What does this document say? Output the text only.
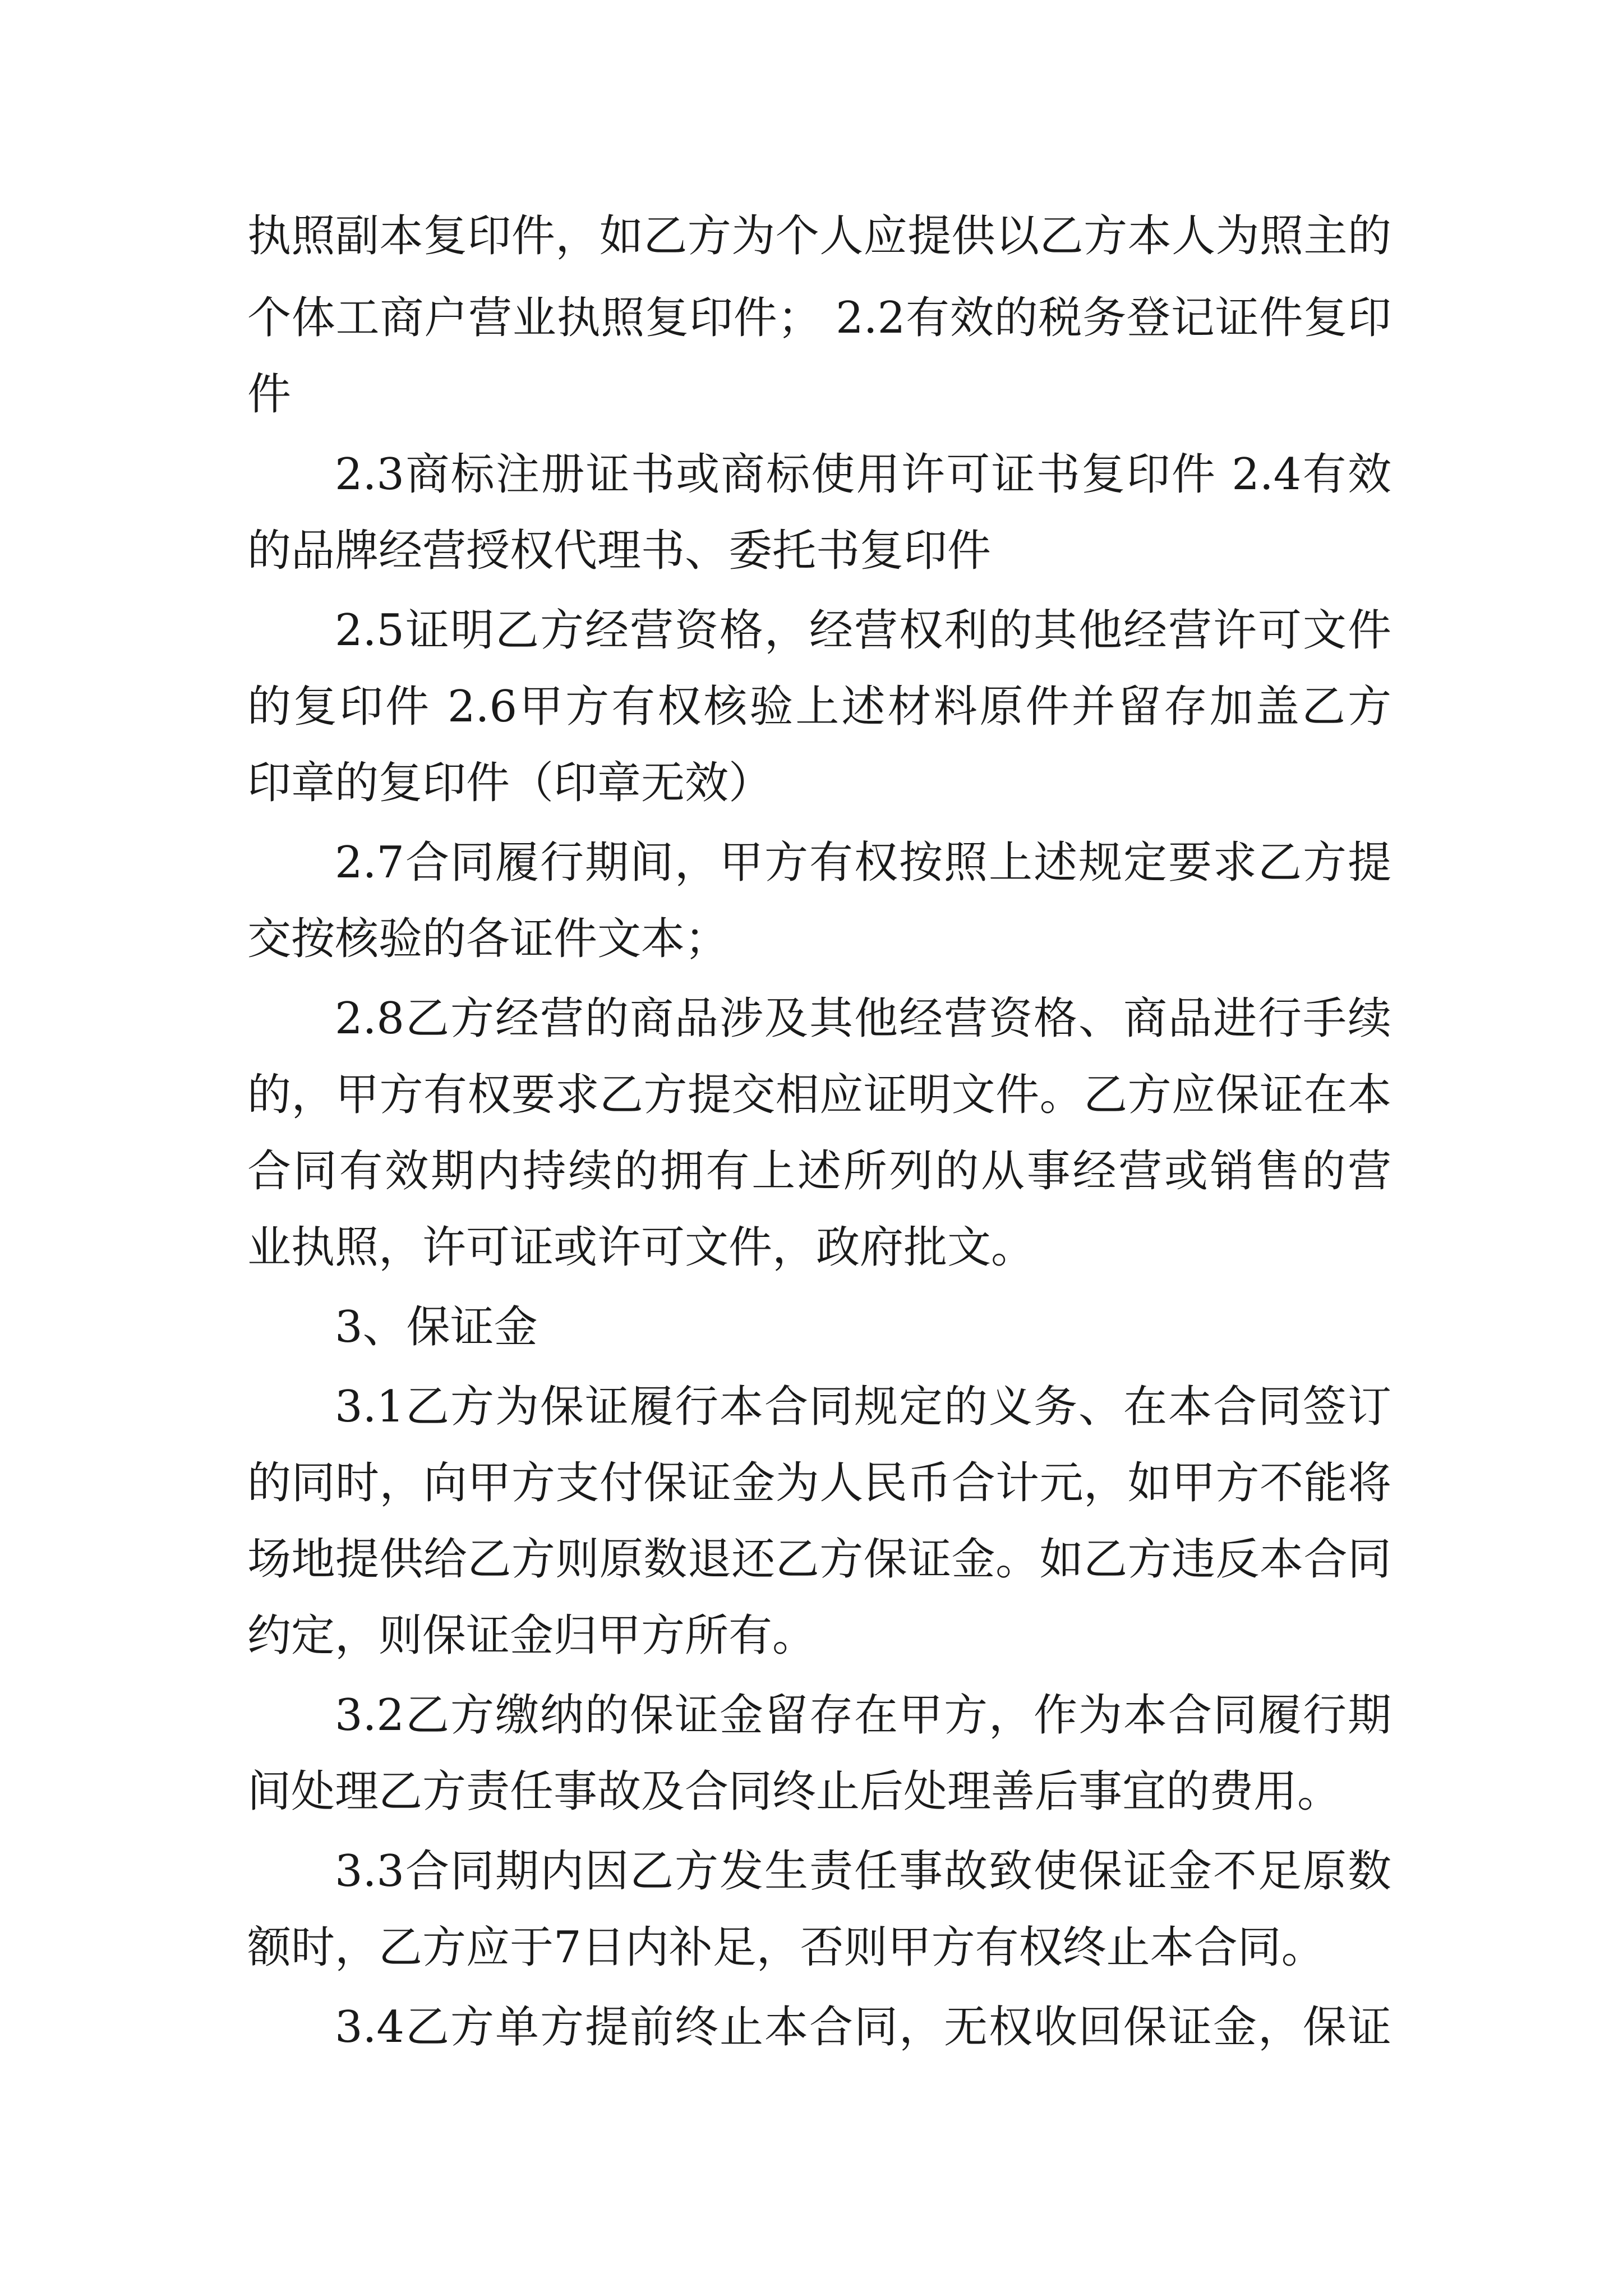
执照副本复印件，如乙方为个人应提供以乙方本人为照主的
个体工商户营业执照复印件； 2.2有效的税务登记证件复印
件
2.3商标注册证书或商标使用许可证书复印件 2.4有效
的品牌经营授权代理书、委托书复印件
2.5证明乙方经营资格，经营权利的其他经营许可文件
的复印件 2.6甲方有权核验上述材料原件并留存加盖乙方
印章的复印件（印章无效）
2.7合同履行期间，甲方有权按照上述规定要求乙方提
交按核验的各证件文本；
2.8乙方经营的商品涉及其他经营资格、商品进行手续
的，甲方有权要求乙方提交相应证明文件。乙方应保证在本
合同有效期内持续的拥有上述所列的从事经营或销售的营
业执照，许可证或许可文件，政府批文。
3、保证金
3.1乙方为保证履行本合同规定的义务、在本合同签订
的同时，向甲方支付保证金为人民币合计元，如甲方不能将
场地提供给乙方则原数退还乙方保证金。如乙方违反本合同
约定，则保证金归甲方所有。
3.2乙方缴纳的保证金留存在甲方，作为本合同履行期
间处理乙方责任事故及合同终止后处理善后事宜的费用。
3.3合同期内因乙方发生责任事故致使保证金不足原数
额时，乙方应于7日内补足，否则甲方有权终止本合同。
3.4乙方单方提前终止本合同，无权收回保证金，保证
